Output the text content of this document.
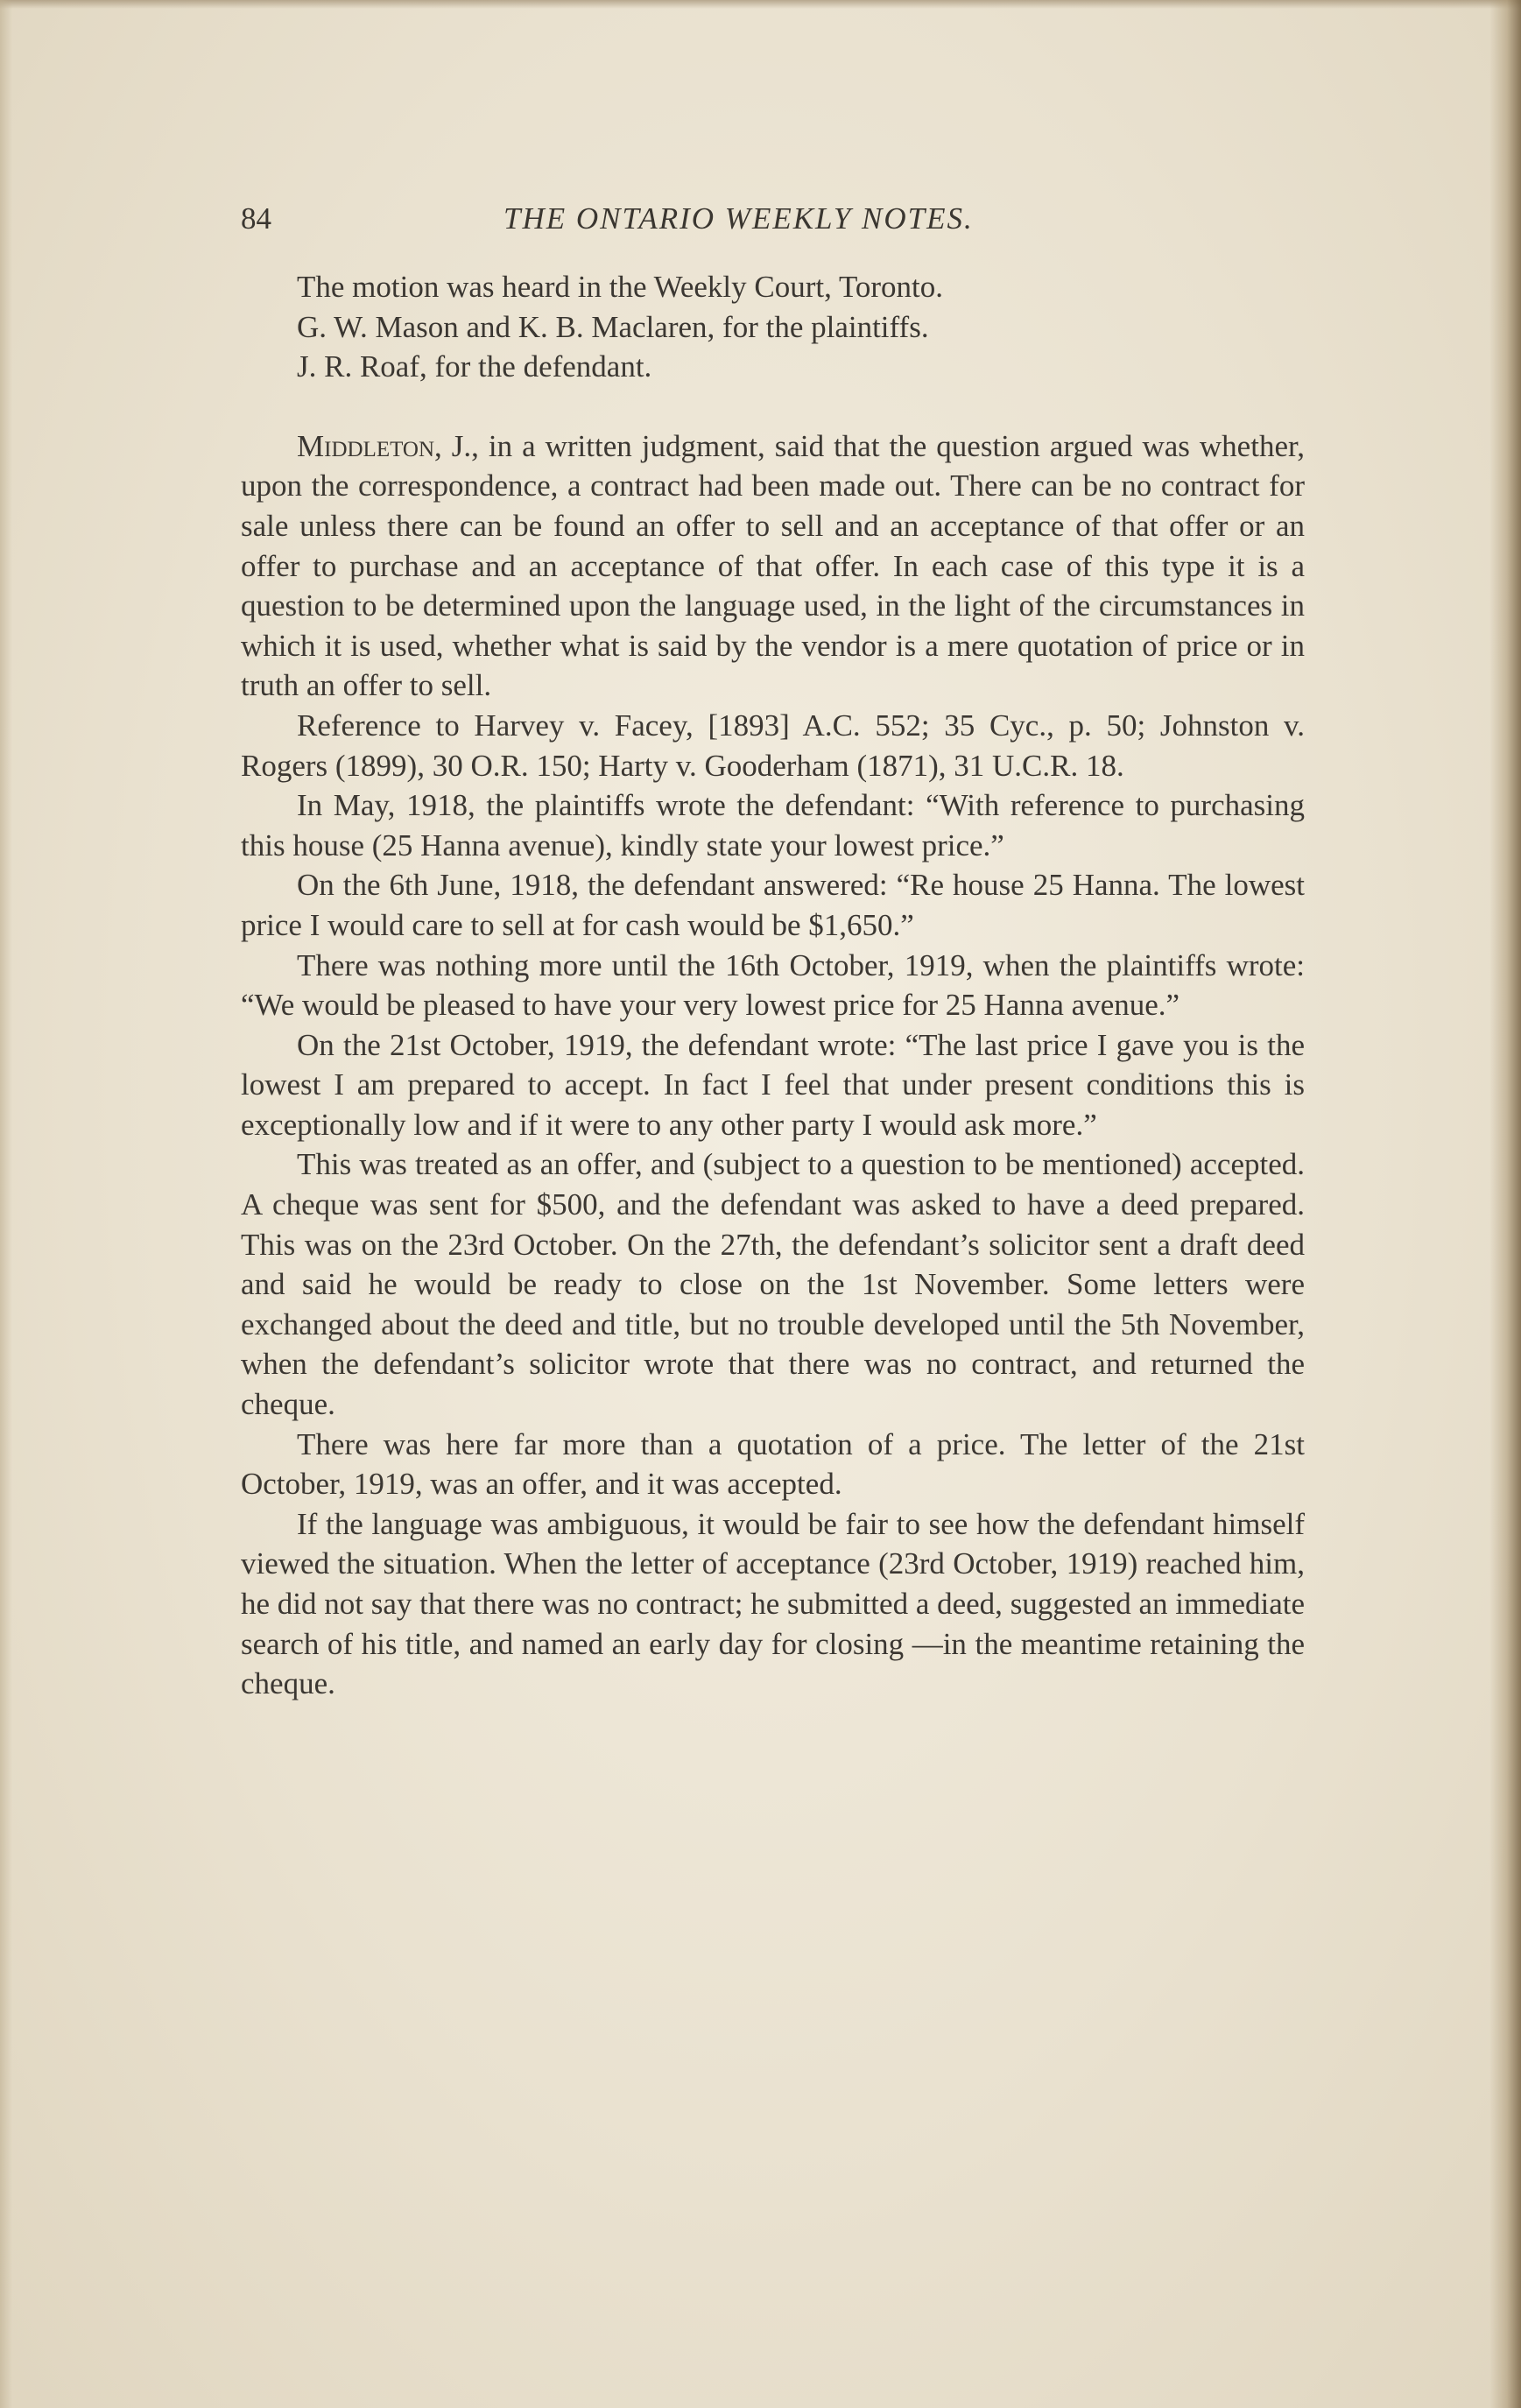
84	THE ONTARIO WEEKLY NOTES.

The motion was heard in the Weekly Court, Toronto.

G. W. Mason and K. B. Maclaren, for the plaintiffs.

J. R. Roaf, for the defendant.

Middleton, J., in a written judgment, said that the question argued was whether, upon the correspondence, a contract had been made out. There can be no contract for sale unless there can be found an offer to sell and an acceptance of that offer or an offer to purchase and an acceptance of that offer. In each case of this type it is a question to be determined upon the language used, in the light of the circumstances in which it is used, whether what is said by the vendor is a mere quotation of price or in truth an offer to sell.

Reference to Harvey v. Facey, [1893] A.C. 552; 35 Cyc., p. 50; Johnston v. Rogers (1899), 30 O.R. 150; Harty v. Gooderham (1871), 31 U.C.R. 18.

In May, 1918, the plaintiffs wrote the defendant: “With reference to purchasing this house (25 Hanna avenue), kindly state your lowest price.”

On the 6th June, 1918, the defendant answered: “Re house 25 Hanna. The lowest price I would care to sell at for cash would be $1,650.”

There was nothing more until the 16th October, 1919, when the plaintiffs wrote: “We would be pleased to have your very lowest price for 25 Hanna avenue.”

On the 21st October, 1919, the defendant wrote: “The last price I gave you is the lowest I am prepared to accept. In fact I feel that under present conditions this is exceptionally low and if it were to any other party I would ask more.”

This was treated as an offer, and (subject to a question to be mentioned) accepted. A cheque was sent for $500, and the defendant was asked to have a deed prepared. This was on the 23rd October. On the 27th, the defendant’s solicitor sent a draft deed and said he would be ready to close on the 1st November. Some letters were exchanged about the deed and title, but no trouble developed until the 5th November, when the defendant’s solicitor wrote that there was no contract, and returned the cheque.

There was here far more than a quotation of a price. The letter of the 21st October, 1919, was an offer, and it was accepted.

If the language was ambiguous, it would be fair to see how the defendant himself viewed the situation. When the letter of acceptance (23rd October, 1919) reached him, he did not say that there was no contract; he submitted a deed, suggested an immediate search of his title, and named an early day for closing —in the meantime retaining the cheque.
